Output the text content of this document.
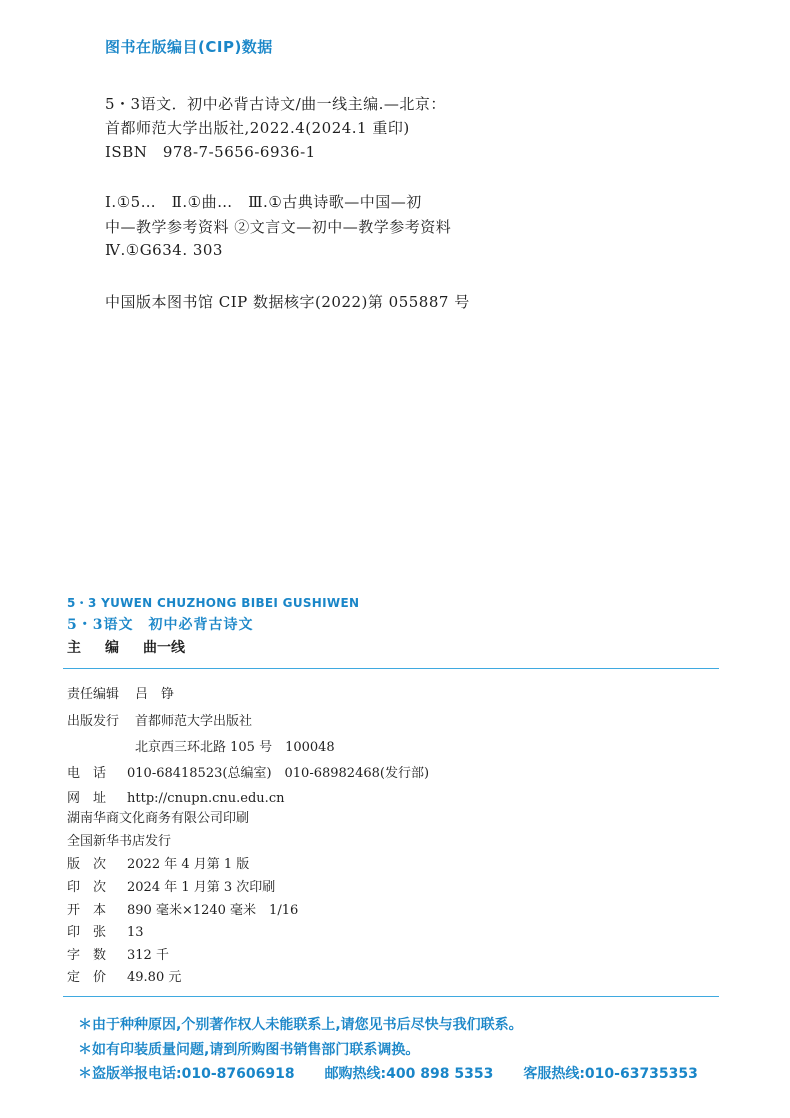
图书在版编目(CIP)数据
5・3语文．初中必背古诗文/曲一线主编.—北京：
首都师范大学出版社,2022.4(2024.1 重印)
ISBN　978-7-5656-6936-1
Ⅰ.①5…　Ⅱ.①曲…　Ⅲ.①古典诗歌—中国—初
中—教学参考资料 ②文言文—初中—教学参考资料
Ⅳ.①G634. 303
中国版本图书馆 CIP 数据核字(2022)第 055887 号
5・3 YUWEN CHUZHONG BIBEI GUSHIWEN
5・3语文　初中必背古诗文
主编曲一线
责任编辑 吕　铮
出版发行 首都师范大学出版社
北京西三环北路 105 号　100048
电　话 010-68418523(总编室)　010-68982468(发行部)
网　址 http://cnupn.cnu.edu.cn
湖南华商文化商务有限公司印刷
全国新华书店发行
版　次 2022 年 4 月第 1 版
印　次 2024 年 1 月第 3 次印刷
开　本 890 毫米×1240 毫米　1/16
印　张 13
字　数 312 千
定　价 49.80 元
＊由于种种原因,个别著作权人未能联系上,请您见书后尽快与我们联系。
＊如有印装质量问题,请到所购图书销售部门联系调换。
＊盗版举报电话:010-87606918 邮购热线:400 898 5353 客服热线:010-63735353
